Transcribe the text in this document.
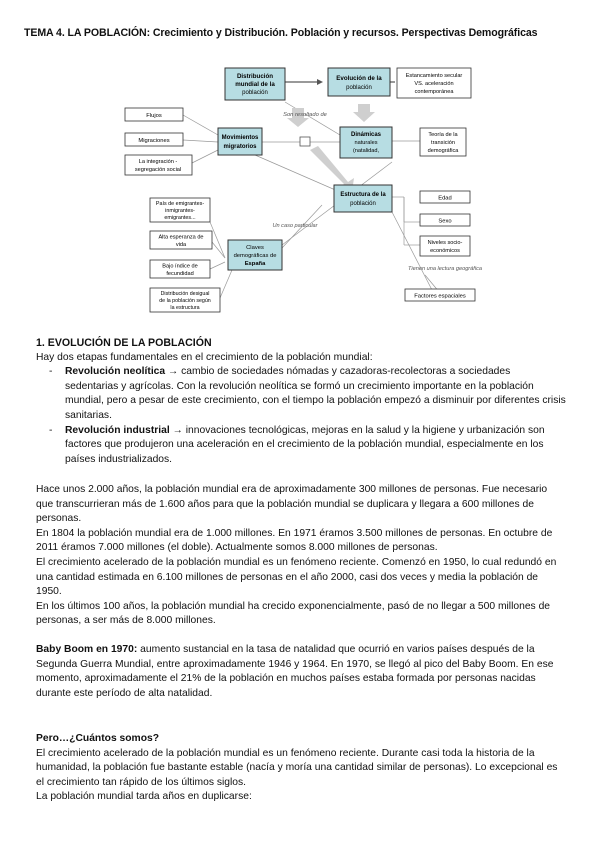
TEMA 4. LA POBLACIÓN: Crecimiento y Distribución. Población y recursos. Perspectivas Demográficas
Distribución
mundial de la
población
Evolución de la
población
Estancamiento secular
VS. aceleración
contemporánea
Son resultado de
Flujos
Migraciones
La integración -
segregación social
Movimientos
migratorios
Dinámicas
naturales
(natalidad,
Teoría de la
transición
demográfica
Estructura de la
población
Edad
Sexo
Niveles socio-
económicos
Tienen una lectura geográfica
Factores espaciales
Un caso particular
Claves
demográficas de
España
País de emigrantes-
inmigrantes-
emigrantes...
Alta esperanza de
vida
Bajo índice de
fecundidad
Distribución desigual
de la población según
la estructura

1. EVOLUCIÓN DE LA POBLACIÓN

Hay dos etapas fundamentales en el crecimiento de la población mundial:

- Revolución neolítica → cambio de sociedades nómadas y cazadoras-recolectoras a sociedades sedentarias y agrícolas. Con la revolución neolítica se formó un crecimiento importante en la población mundial, pero a pesar de este crecimiento, con el tiempo la población empezó a disminuir por diferentes crisis sanitarias.
- Revolución industrial → innovaciones tecnológicas, mejoras en la salud y la higiene y urbanización son factores que produjeron una aceleración en el crecimiento de la población mundial, especialmente en los países industrializados.

Hace unos 2.000 años, la población mundial era de aproximadamente 300 millones de personas. Fue necesario que transcurrieran más de 1.600 años para que la población mundial se duplicara y llegara a 600 millones de personas.

En 1804 la población mundial era de 1.000 millones. En 1971 éramos 3.500 millones de personas. En octubre de 2011 éramos 7.000 millones (el doble). Actualmente somos 8.000 millones de personas.

El crecimiento acelerado de la población mundial es un fenómeno reciente. Comenzó en 1950, lo cual redundó en una cantidad estimada en 6.100 millones de personas en el año 2000, casi dos veces y media la población de 1950.

En los últimos 100 años, la población mundial ha crecido exponencialmente, pasó de no llegar a 500 millones de personas, a ser más de 8.000 millones.

Baby Boom en 1970: aumento sustancial en la tasa de natalidad que ocurrió en varios países después de la Segunda Guerra Mundial, entre aproximadamente 1946 y 1964. En 1970, se llegó al pico del Baby Boom. En ese momento, aproximadamente el 21% de la población en muchos países estaba formada por personas nacidas durante este período de alta natalidad.

Pero…¿Cuántos somos?

El crecimiento acelerado de la población mundial es un fenómeno reciente. Durante casi toda la historia de la humanidad, la población fue bastante estable (nacía y moría una cantidad similar de personas). Lo excepcional es el crecimiento tan rápido de los últimos siglos.

La población mundial tarda años en duplicarse:
